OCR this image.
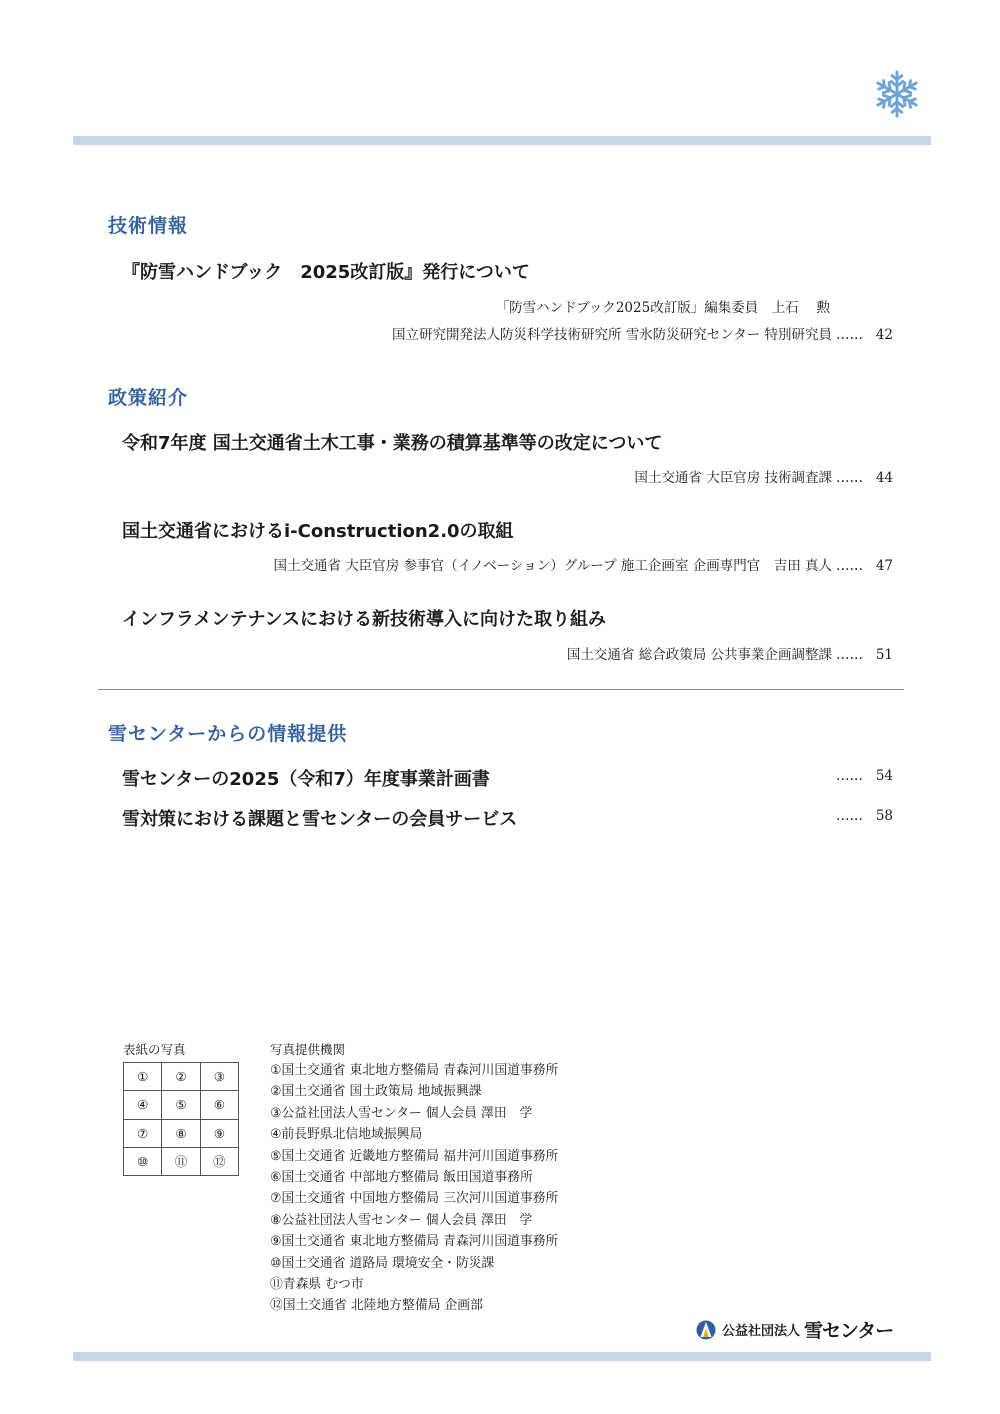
技術情報
『防雪ハンドブック　2025改訂版』発行について
「防雪ハンドブック2025改訂版」編集委員　上石　 勲
国立研究開発法人防災科学技術研究所 雪氷防災研究センター 特別研究員 …… 42
政策紹介
令和7年度 国土交通省土木工事・業務の積算基準等の改定について
国土交通省 大臣官房 技術調査課 …… 44
国土交通省におけるi-Construction2.0の取組
国土交通省 大臣官房 参事官（イノベーション）グループ 施工企画室 企画専門官　吉田 真人 …… 47
インフラメンテナンスにおける新技術導入に向けた取り組み
国土交通省 総合政策局 公共事業企画調整課 …… 51
雪センターからの情報提供
雪センターの2025（令和7）年度事業計画書	…… 54
雪対策における課題と雪センターの会員サービス	…… 58
表紙の写真
①	②	③
④	⑤	⑥
⑦	⑧	⑨
⑩	⑪	⑫
写真提供機関
①国土交通省 東北地方整備局 青森河川国道事務所
②国土交通省 国土政策局 地域振興課
③公益社団法人雪センター 個人会員 澤田　学
④前長野県北信地域振興局
⑤国土交通省 近畿地方整備局 福井河川国道事務所
⑥国土交通省 中部地方整備局 飯田国道事務所
⑦国土交通省 中国地方整備局 三次河川国道事務所
⑧公益社団法人雪センター 個人会員 澤田　学
⑨国土交通省 東北地方整備局 青森河川国道事務所
⑩国土交通省 道路局 環境安全・防災課
⑪青森県 むつ市
⑫国土交通省 北陸地方整備局 企画部
公益社団法人 雪センター
